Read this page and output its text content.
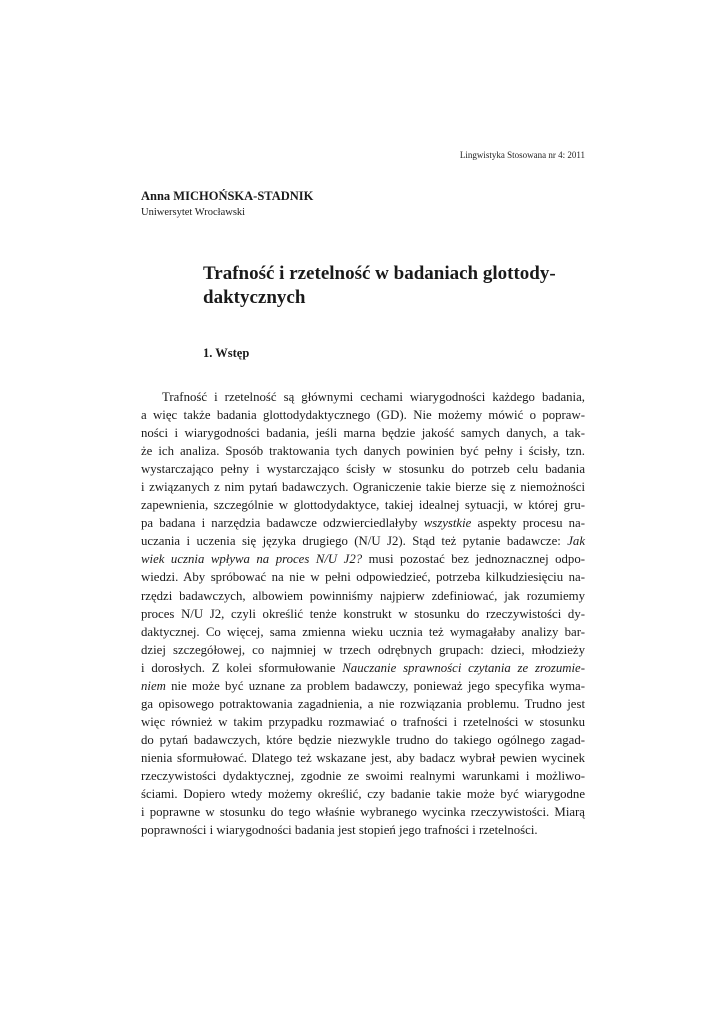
Lingwistyka Stosowana nr 4: 2011
Anna MICHOŃSKA-STADNIK
Uniwersytet Wrocławski
Trafność i rzetelność w badaniach glottody-
daktycznych
1. Wstęp
Trafność i rzetelność są głównymi cechami wiarygodności każdego badania,
a więc także badania glottodydaktycznego (GD). Nie możemy mówić o popraw-
ności i wiarygodności badania, jeśli marna będzie jakość samych danych, a tak-
że ich analiza. Sposób traktowania tych danych powinien być pełny i ścisły, tzn.
wystarczająco pełny i wystarczająco ścisły w stosunku do potrzeb celu badania
i związanych z nim pytań badawczych. Ograniczenie takie bierze się z niemożności
zapewnienia, szczególnie w glottodydaktyce, takiej idealnej sytuacji, w której gru-
pa badana i narzędzia badawcze odzwierciedlałyby wszystkie aspekty procesu na-
uczania i uczenia się języka drugiego (N/U J2). Stąd też pytanie badawcze: Jak
wiek ucznia wpływa na proces N/U J2? musi pozostać bez jednoznacznej odpo-
wiedzi. Aby spróbować na nie w pełni odpowiedzieć, potrzeba kilkudziesięciu na-
rzędzi badawczych, albowiem powinniśmy najpierw zdefiniować, jak rozumiemy
proces N/U J2, czyli określić tenże konstrukt w stosunku do rzeczywistości dy-
daktycznej. Co więcej, sama zmienna wieku ucznia też wymagałaby analizy bar-
dziej szczegółowej, co najmniej w trzech odrębnych grupach: dzieci, młodzieży
i dorosłych. Z kolei sformułowanie Nauczanie sprawności czytania ze zrozumie-
niem nie może być uznane za problem badawczy, ponieważ jego specyfika wyma-
ga opisowego potraktowania zagadnienia, a nie rozwiązania problemu. Trudno jest
więc również w takim przypadku rozmawiać o trafności i rzetelności w stosunku
do pytań badawczych, które będzie niezwykle trudno do takiego ogólnego zagad-
nienia sformułować. Dlatego też wskazane jest, aby badacz wybrał pewien wycinek
rzeczywistości dydaktycznej, zgodnie ze swoimi realnymi warunkami i możliwo-
ściami. Dopiero wtedy możemy określić, czy badanie takie może być wiarygodne
i poprawne w stosunku do tego właśnie wybranego wycinka rzeczywistości. Miarą
poprawności i wiarygodności badania jest stopień jego trafności i rzetelności.
